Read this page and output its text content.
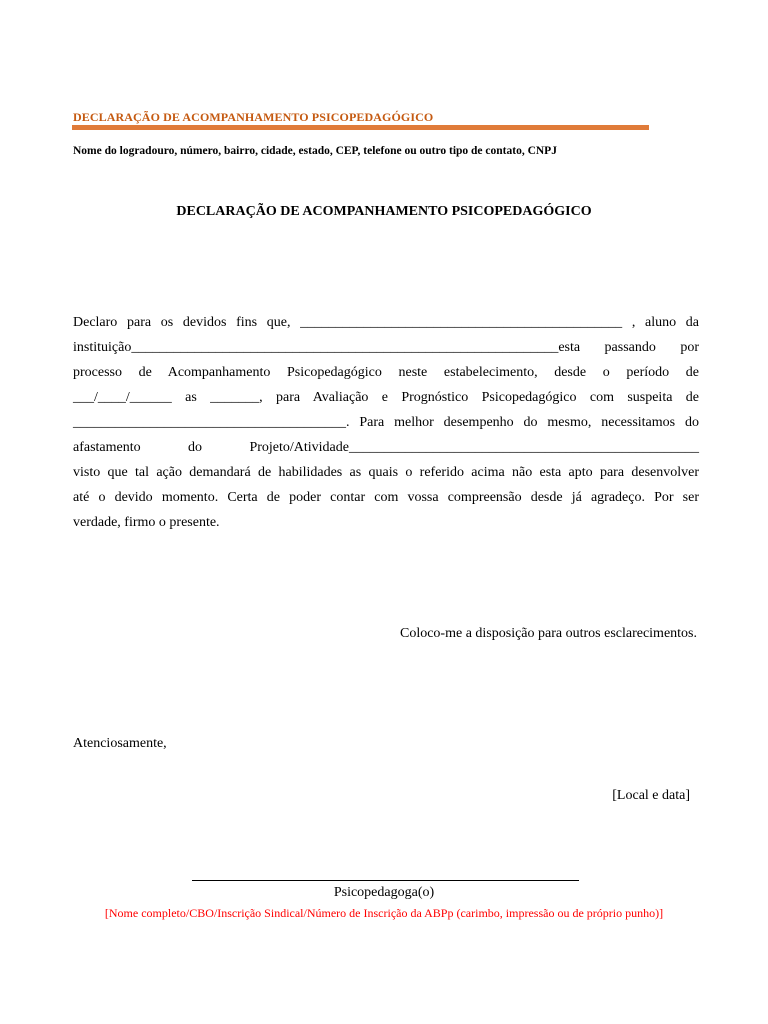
DECLARAÇÃO DE ACOMPANHAMENTO PSICOPEDAGÓGICO
Nome do logradouro, número, bairro, cidade, estado, CEP, telefone ou outro tipo de contato, CNPJ
DECLARAÇÃO DE ACOMPANHAMENTO PSICOPEDAGÓGICO

Declaro para os devidos fins que, ______________________________________________ , aluno da
instituição_____________________________________________________________esta passando por
processo de Acompanhamento Psicopedagógico neste estabelecimento, desde o período de
___/____/______ as _______, para Avaliação e Prognóstico Psicopedagógico com suspeita de
_______________________________________. Para melhor desempenho do mesmo, necessitamos do
afastamento do Projeto/Atividade__________________________________________________
visto que tal ação demandará de habilidades as quais o referido acima não esta apto para desenvolver
até o devido momento. Certa de poder contar com vossa compreensão desde já agradeço. Por ser
verdade, firmo o presente.

Coloco-me a disposição para outros esclarecimentos.
Atenciosamente,
[Local e data]
Psicopedagoga(o)
[Nome completo/CBO/Inscrição Sindical/Número de Inscrição da ABPp (carimbo, impressão ou de próprio punho)]
